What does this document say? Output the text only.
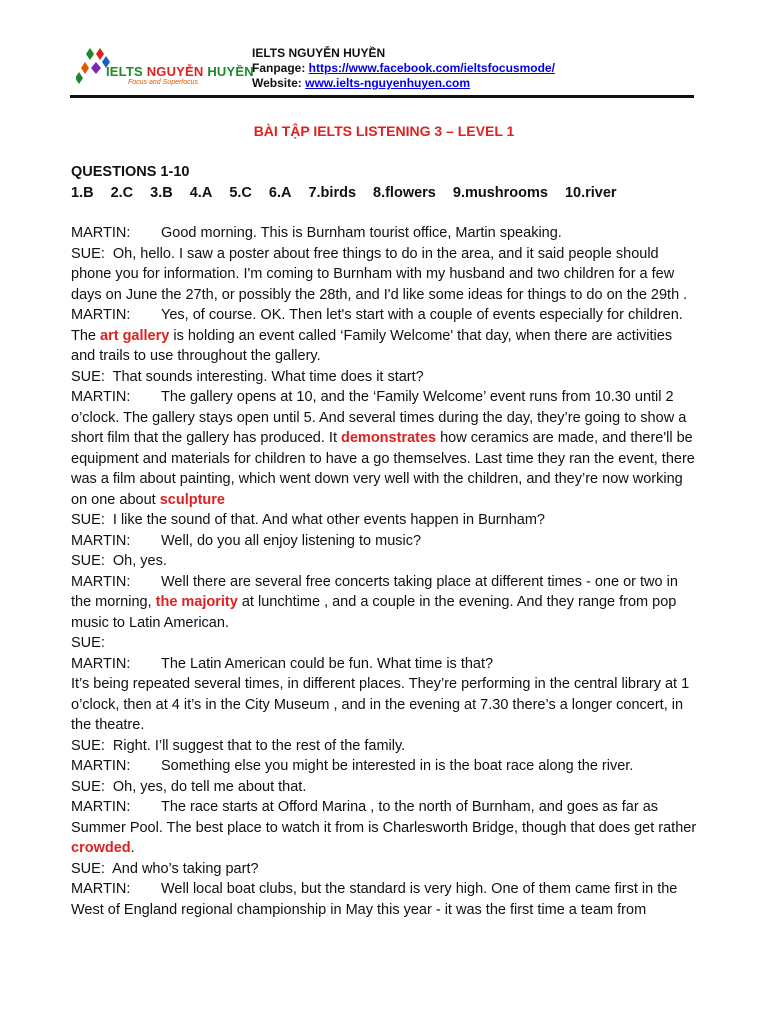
IELTS NGUYỄN HUYỀN
Focus and Superfocus
IELTS NGUYỄN HUYỀN
Fanpage: https://www.facebook.com/ieltsfocusmode/
Website: www.ielts-nguyenhuyen.com
BÀI TẬP IELTS LISTENING 3 – LEVEL 1

QUESTIONS 1-10

1.B 2.C 3.B 4.A 5.C 6.A 7.birds 8.flowers 9.mushrooms 10.river

MARTIN: Good morning. This is Burnham tourist office, Martin speaking.

SUE: Oh, hello. I saw a poster about free things to do in the area, and it said people should phone you for information. I'm coming to Burnham with my husband and two children for a few days on June the 27th, or possibly the 28th, and I'd like some ideas for things to do on the 29th .

MARTIN: Yes, of course. OK. Then let's start with a couple of events especially for children. The art gallery is holding an event called ‘Family Welcome' that day, when there are activities and trails to use throughout the gallery.

SUE: That sounds interesting. What time does it start?

MARTIN: The gallery opens at 10, and the ‘Family Welcome’ event runs from 10.30 until 2 o’clock. The gallery stays open until 5. And several times during the day, they’re going to show a short film that the gallery has produced. It demonstrates how ceramics are made, and there'll be equipment and materials for children to have a go themselves. Last time they ran the event, there was a film about painting, which went down very well with the children, and they’re now working on one about sculpture

SUE: I like the sound of that. And what other events happen in Burnham?

MARTIN: Well, do you all enjoy listening to music?

SUE: Oh, yes.

MARTIN: Well there are several free concerts taking place at different times - one or two in the morning, the majority at lunchtime , and a couple in the evening. And they range from pop music to Latin American.

SUE:

MARTIN: The Latin American could be fun. What time is that?

It’s being repeated several times, in different places. They’re performing in the central library at 1 o’clock, then at 4 it’s in the City Museum , and in the evening at 7.30 there’s a longer concert, in the theatre.

SUE: Right. I’ll suggest that to the rest of the family.

MARTIN: Something else you might be interested in is the boat race along the river.

SUE: Oh, yes, do tell me about that.

MARTIN: The race starts at Offord Marina , to the north of Burnham, and goes as far as Summer Pool. The best place to watch it from is Charlesworth Bridge, though that does get rather crowded.

SUE: And who’s taking part?

MARTIN: Well local boat clubs, but the standard is very high. One of them came first in the West of England regional championship in May this year - it was the first time a team from
